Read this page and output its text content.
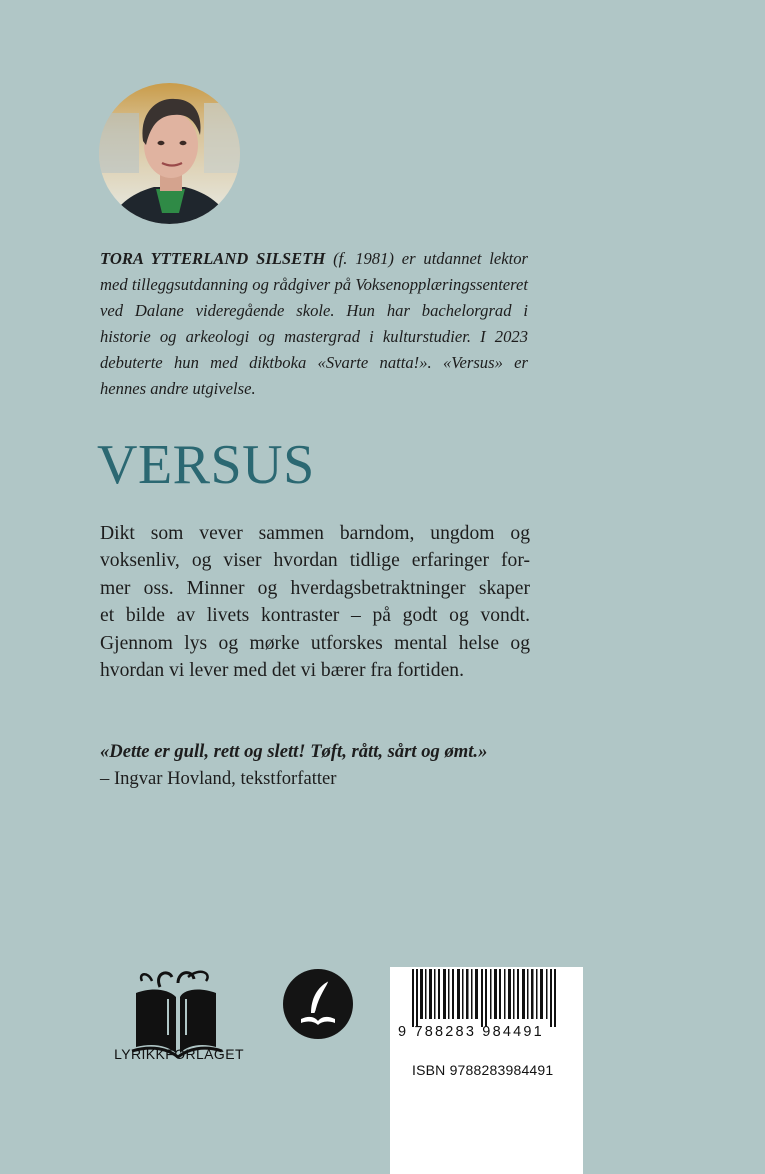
TORA YTTERLAND SILSETH (f. 1981) er utdannet lektor med tilleggsutdanning og rådgiver på Voksenopplæringssenteret ved Dalane videregående skole. Hun har bachelorgrad i historie og arkeologi og mastergrad i kulturstudier. I 2023 debuterte hun med diktboka «Svarte natta!». «Versus» er hennes andre utgivelse.

VERSUS
Dikt som vever sammen barndom, ungdom og
voksenliv, og viser hvordan tidlige erfaringer for-
mer oss. Minner og hverdagsbetraktninger skaper
et bilde av livets kontraster – på godt og vondt.
Gjennom lys og mørke utforskes mental helse og
hvordan vi lever med det vi bærer fra fortiden.

«Dette er gull, rett og slett! Tøft, rått, sårt og ømt.»
– Ingvar Hovland, tekstforfatter

LYRIKKFORLAGET
9 788283 984491
ISBN 9788283984491
